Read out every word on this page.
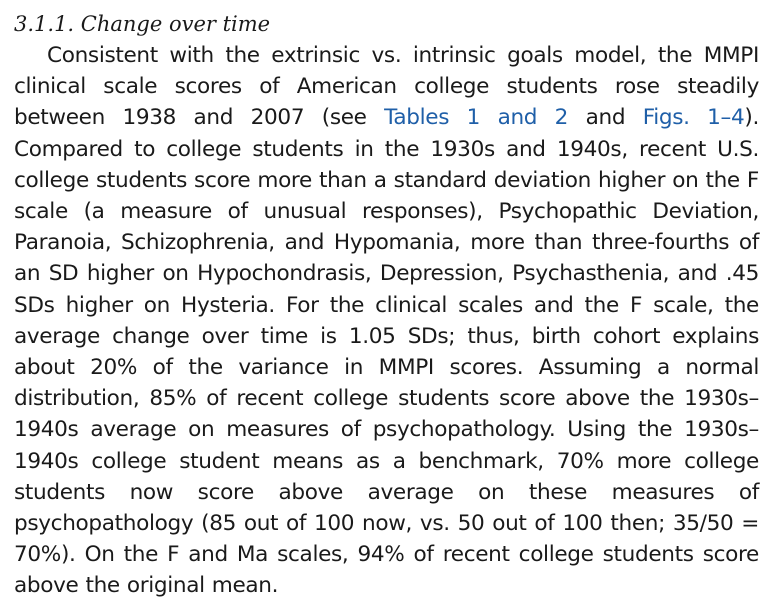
3.1.1. Change over time

Consistent with the extrinsic vs. intrinsic goals model, the MMPI clinical scale scores of American college students rose steadily between 1938 and 2007 (see Tables 1 and 2 and Figs. 1–4). Compared to college students in the 1930s and 1940s, recent U.S. college students score more than a standard deviation higher on the F scale (a measure of unusual responses), Psychopathic Deviation, Paranoia, Schizophrenia, and Hypomania, more than three-fourths of an SD higher on Hypochondrasis, Depression, Psychasthenia, and .45 SDs higher on Hysteria. For the clinical scales and the F scale, the average change over time is 1.05 SDs; thus, birth cohort explains about 20% of the variance in MMPI scores. Assuming a normal distribution, 85% of recent college students score above the 1930s–1940s average on measures of psychopathology. Using the 1930s–1940s college student means as a benchmark, 70% more college students now score above average on these measures of psychopathology (85 out of 100 now, vs. 50 out of 100 then; 35/50 = 70%). On the F and Ma scales, 94% of recent college students score above the original mean.
